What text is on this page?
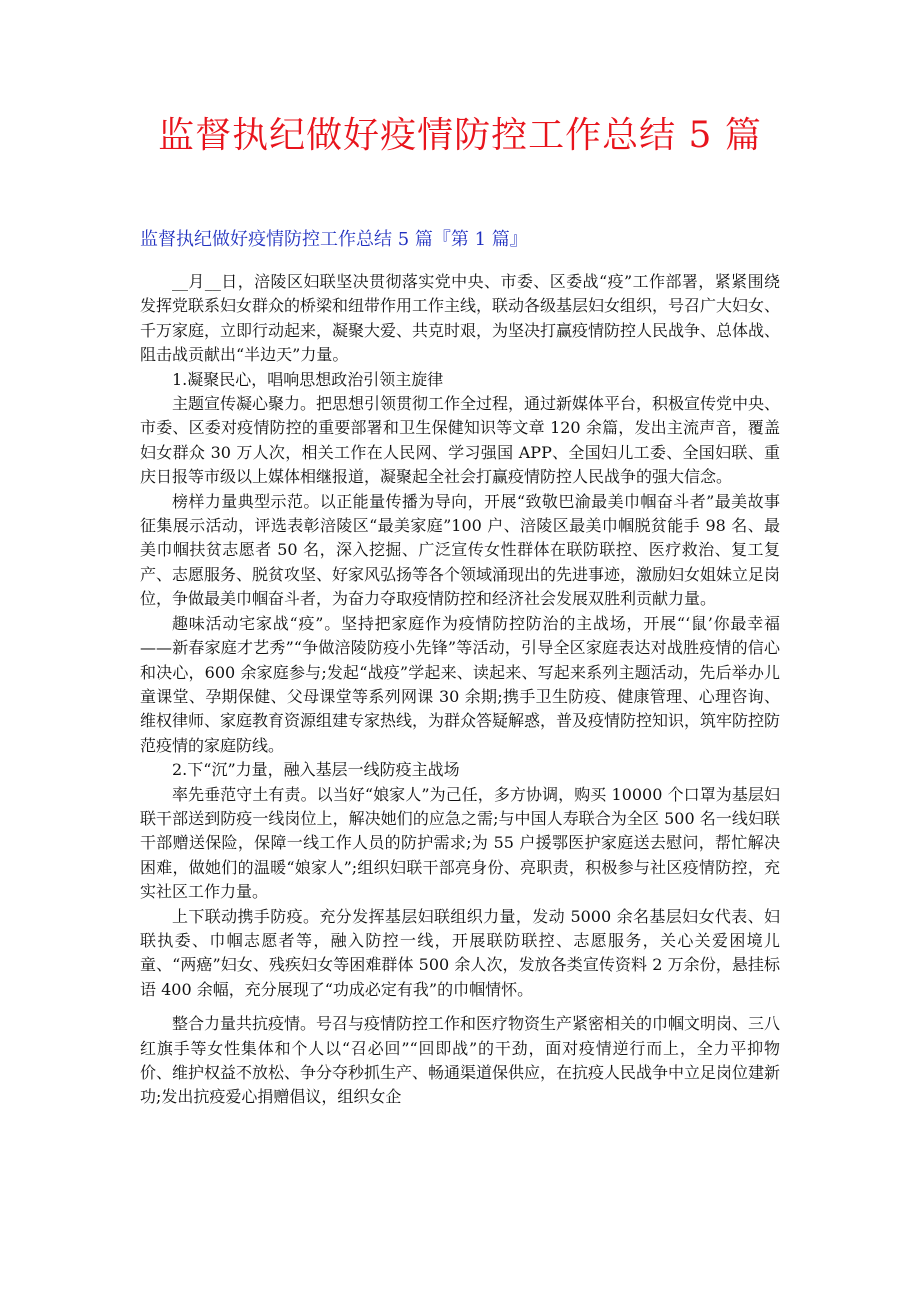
监督执纪做好疫情防控工作总结 5 篇
监督执纪做好疫情防控工作总结 5 篇『第 1 篇』

__月__日，涪陵区妇联坚决贯彻落实党中央、市委、区委战“疫”工作部署，紧紧围绕发挥党联系妇女群众的桥梁和纽带作用工作主线，联动各级基层妇女组织，号召广大妇女、千万家庭，立即行动起来，凝聚大爱、共克时艰，为坚决打赢疫情防控人民战争、总体战、阻击战贡献出“半边天”力量。

1.凝聚民心，唱响思想政治引领主旋律

主题宣传凝心聚力。把思想引领贯彻工作全过程，通过新媒体平台，积极宣传党中央、市委、区委对疫情防控的重要部署和卫生保健知识等文章 120 余篇，发出主流声音，覆盖妇女群众 30 万人次，相关工作在人民网、学习强国 APP、全国妇儿工委、全国妇联、重庆日报等市级以上媒体相继报道，凝聚起全社会打赢疫情防控人民战争的强大信念。

榜样力量典型示范。以正能量传播为导向，开展“致敬巴渝最美巾帼奋斗者”最美故事征集展示活动，评选表彰涪陵区“最美家庭”100 户、涪陵区最美巾帼脱贫能手 98 名、最美巾帼扶贫志愿者 50 名，深入挖掘、广泛宣传女性群体在联防联控、医疗救治、复工复产、志愿服务、脱贫攻坚、好家风弘扬等各个领域涌现出的先进事迹，激励妇女姐妹立足岗位，争做最美巾帼奋斗者，为奋力夺取疫情防控和经济社会发展双胜利贡献力量。

趣味活动宅家战“疫”。坚持把家庭作为疫情防控防治的主战场，开展“‘鼠’你最幸福——新春家庭才艺秀”“争做涪陵防疫小先锋”等活动，引导全区家庭表达对战胜疫情的信心和决心，600 余家庭参与;发起“战疫”学起来、读起来、写起来系列主题活动，先后举办儿童课堂、孕期保健、父母课堂等系列网课 30 余期;携手卫生防疫、健康管理、心理咨询、维权律师、家庭教育资源组建专家热线，为群众答疑解惑，普及疫情防控知识，筑牢防控防范疫情的家庭防线。

2.下“沉”力量，融入基层一线防疫主战场

率先垂范守土有责。以当好“娘家人”为己任，多方协调，购买 10000 个口罩为基层妇联干部送到防疫一线岗位上，解决她们的应急之需;与中国人寿联合为全区 500 名一线妇联干部赠送保险，保障一线工作人员的防护需求;为 55 户援鄂医护家庭送去慰问，帮忙解决困难，做她们的温暖“娘家人”;组织妇联干部亮身份、亮职责，积极参与社区疫情防控，充实社区工作力量。

上下联动携手防疫。充分发挥基层妇联组织力量，发动 5000 余名基层妇女代表、妇联执委、巾帼志愿者等，融入防控一线，开展联防联控、志愿服务，关心关爱困境儿童、“两癌”妇女、残疾妇女等困难群体 500 余人次，发放各类宣传资料 2 万余份，悬挂标语 400 余幅，充分展现了“功成必定有我”的巾帼情怀。

整合力量共抗疫情。号召与疫情防控工作和医疗物资生产紧密相关的巾帼文明岗、三八红旗手等女性集体和个人以“召必回”“回即战”的干劲，面对疫情逆行而上，全力平抑物价、维护权益不放松、争分夺秒抓生产、畅通渠道保供应，在抗疫人民战争中立足岗位建新功;发出抗疫爱心捐赠倡议，组织女企
